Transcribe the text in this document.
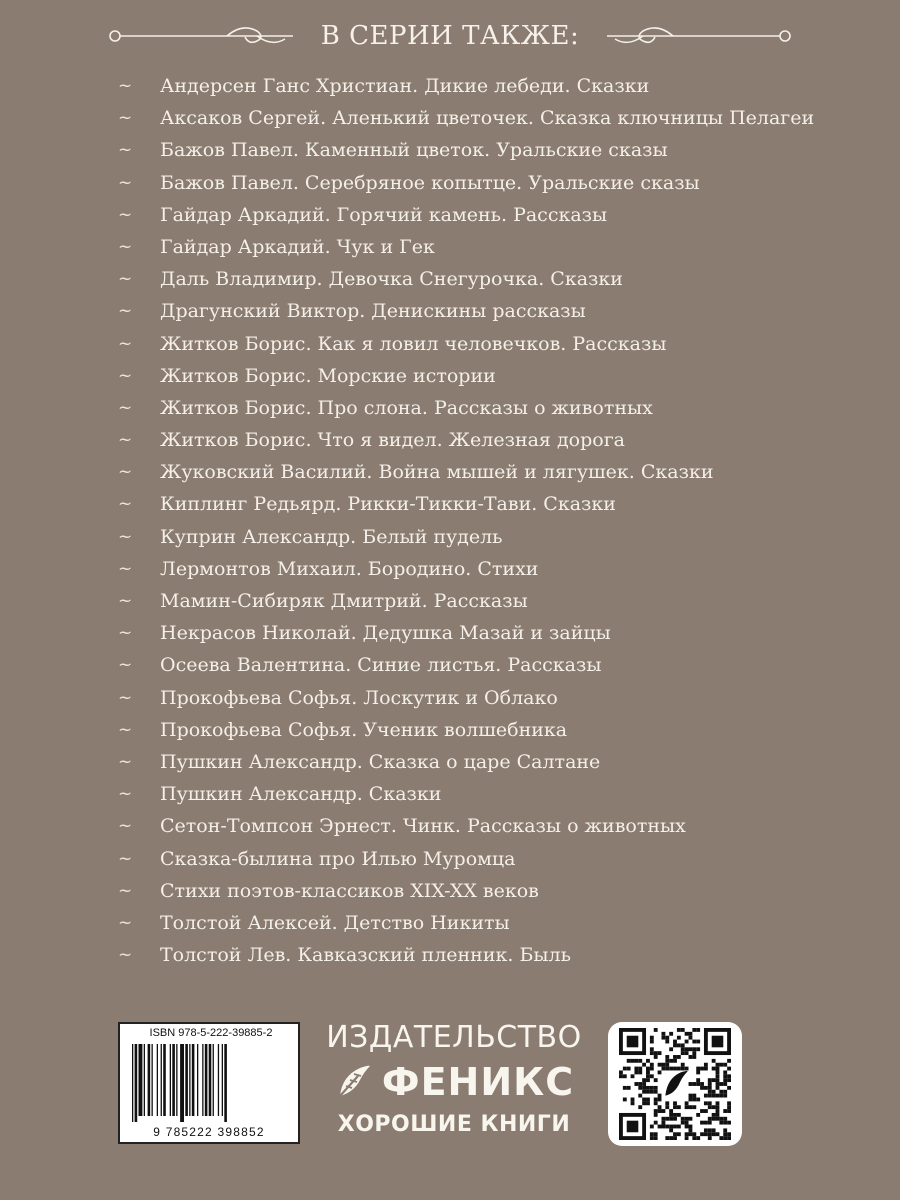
В СЕРИИ ТАКЖЕ:
~	Андерсен Ганс Христиан. Дикие лебеди. Сказки
~	Аксаков Сергей. Аленький цветочек. Сказка ключницы Пелагеи
~	Бажов Павел. Каменный цветок. Уральские сказы
~	Бажов Павел. Серебряное копытце. Уральские сказы
~	Гайдар Аркадий. Горячий камень. Рассказы
~	Гайдар Аркадий. Чук и Гек
~	Даль Владимир. Девочка Снегурочка. Сказки
~	Драгунский Виктор. Денискины рассказы
~	Житков Борис. Как я ловил человечков. Рассказы
~	Житков Борис. Морские истории
~	Житков Борис. Про слона. Рассказы о животных
~	Житков Борис. Что я видел. Железная дорога
~	Жуковский Василий. Война мышей и лягушек. Сказки
~	Киплинг Редьярд. Рикки-Тикки-Тави. Сказки
~	Куприн Александр. Белый пудель
~	Лермонтов Михаил. Бородино. Стихи
~	Мамин-Сибиряк Дмитрий. Рассказы
~	Некрасов Николай. Дедушка Мазай и зайцы
~	Осеева Валентина. Синие листья. Рассказы
~	Прокофьева Софья. Лоскутик и Облако
~	Прокофьева Софья. Ученик волшебника
~	Пушкин Александр. Сказка о царе Салтане
~	Пушкин Александр. Сказки
~	Сетон-Томпсон Эрнест. Чинк. Рассказы о животных
~	Сказка-былина про Илью Муромца
~	Стихи поэтов-классиков XIX-XX веков
~	Толстой Алексей. Детство Никиты
~	Толстой Лев. Кавказский пленник. Быль
ISBN 978-5-222-39885-2
9 785222 398852
ИЗДАТЕЛЬСТВО
ФЕНИКС
ХОРОШИЕ КНИГИ
